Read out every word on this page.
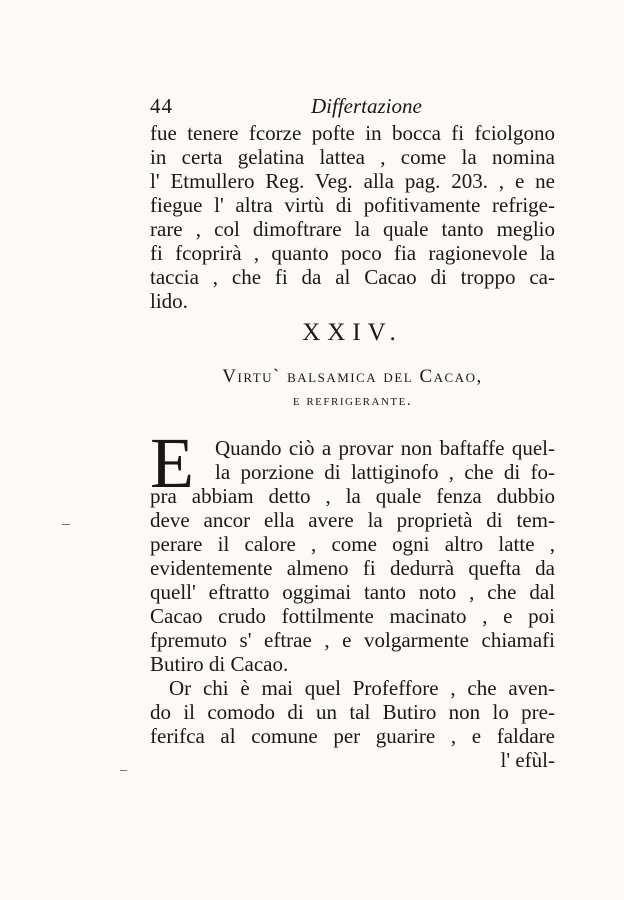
44	Differtazione
fue tenere fcorze pofte in bocca fi fciolgono
in certa gelatina lattea , come la nomina
l' Etmullero Reg. Veg. alla pag. 203. , e ne
fiegue l' altra virtù di pofitivamente refrige-
rare , col dimoftrare la quale tanto meglio
fi fcoprirà , quanto poco fia ragionevole la
taccia , che fi da al Cacao di troppo ca-
lido.
XXIV.
Virtu` balsamica del Cacao,
e refrigerante.
E Quando ciò a provar non baftaffe quel-
la porzione di lattiginofo , che di fo-
pra abbiam detto , la quale fenza dubbio
deve ancor ella avere la proprietà di tem-
perare il calore , come ogni altro latte ,
evidentemente almeno fi dedurrà quefta da
quell' eftratto oggimai tanto noto , che dal
Cacao crudo fottilmente macinato , e poi
fpremuto s' eftrae , e volgarmente chiamafi
Butiro di Cacao.
Or chi è mai quel Profeffore , che aven-
do il comodo di un tal Butiro non lo pre-
ferifca al comune per guarire , e faldare
l' efùl-
